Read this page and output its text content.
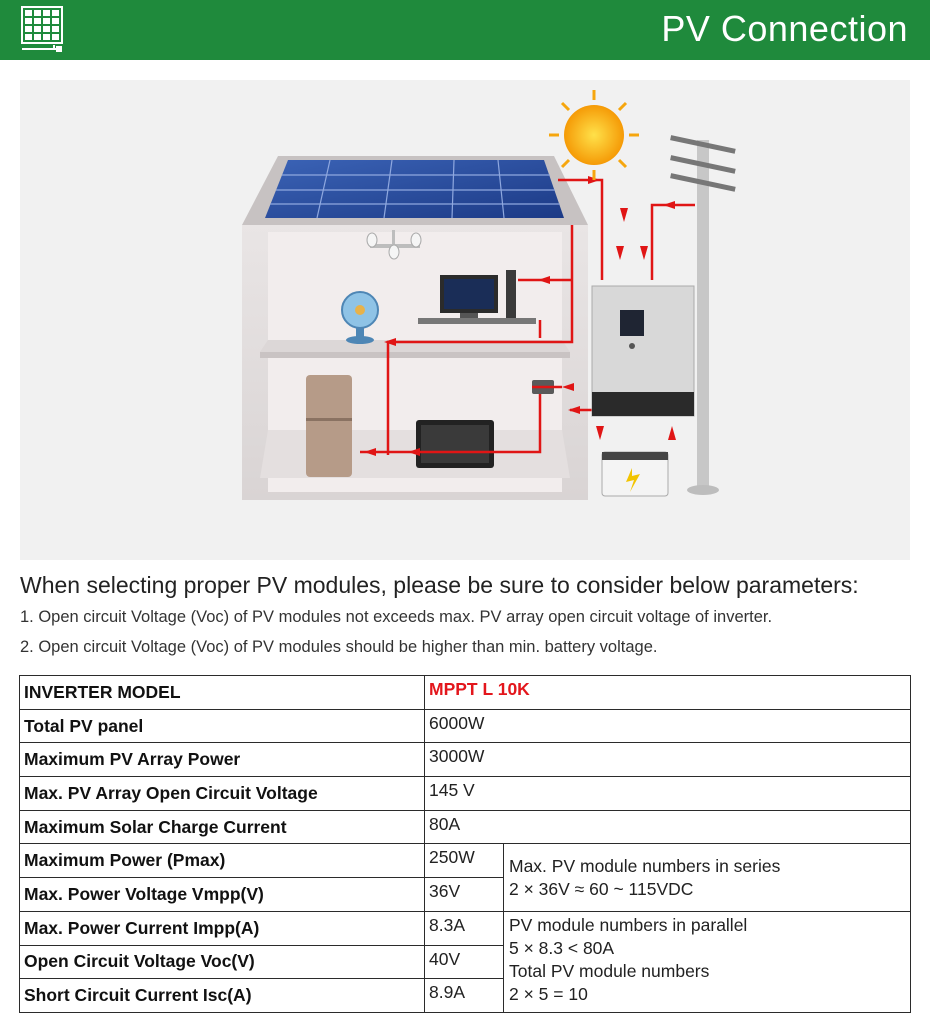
PV Connection
When selecting proper PV modules, please be sure to consider below parameters:
1. Open circuit Voltage (Voc) of PV modules not exceeds max. PV array open circuit voltage of inverter.
2. Open circuit Voltage (Voc) of PV modules should be higher than min. battery voltage.
INVERTER MODEL	MPPT L 10K	
Total PV panel	6000W	
Maximum PV Array Power	3000W	
Max. PV Array Open Circuit Voltage	145 V	
Maximum Solar Charge Current	80A	
Maximum Power (Pmax)	250W	Max. PV module numbers in series
2 × 36V ≈ 60 ~ 115VDC

Max. Power Voltage Vmpp(V)	36V	
Max. Power Current Impp(A)	8.3A	PV module numbers in parallel
5 × 8.3 < 80A
Total PV module numbers
2 × 5 = 10

Open Circuit Voltage Voc(V)	40V	
Short Circuit Current Isc(A)	8.9A	
